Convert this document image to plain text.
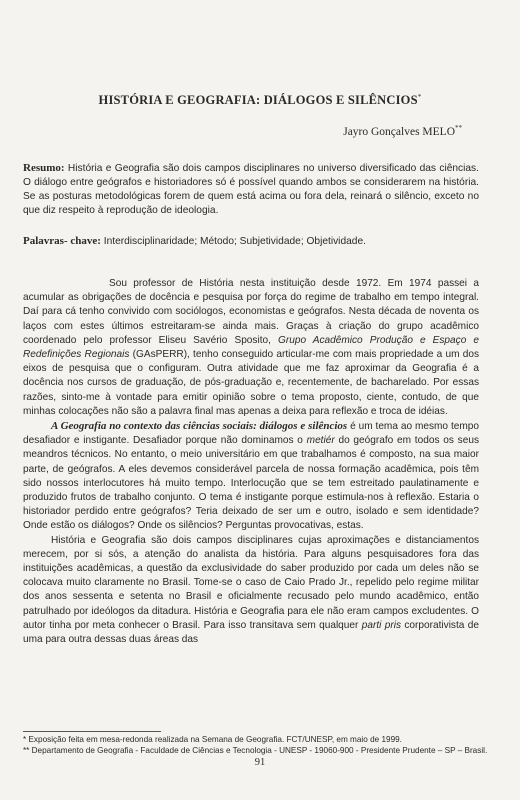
HISTÓRIA E GEOGRAFIA: DIÁLOGOS E SILÊNCIOS*
Jayro Gonçalves MELO**
Resumo: História e Geografia são dois campos disciplinares no universo diversificado das ciências. O diálogo entre geógrafos e historiadores só é possível quando ambos se considerarem na história. Se as posturas metodológicas forem de quem está acima ou fora dela, reinará o silêncio, exceto no que diz respeito à reprodução de ideologia.
Palavras- chave: Interdisciplinaridade; Método; Subjetividade; Objetividade.

Sou professor de História nesta instituição desde 1972. Em 1974 passei a acumular as obrigações de docência e pesquisa por força do regime de trabalho em tempo integral. Daí para cá tenho convivido com sociólogos, economistas e geógrafos. Nesta década de noventa os laços com estes últimos estreitaram-se ainda mais. Graças à criação do grupo acadêmico coordenado pelo professor Eliseu Savério Sposito, Grupo Acadêmico Produção e Espaço e Redefinições Regionais (GAsPERR), tenho conseguido articular-me com mais propriedade a um dos eixos de pesquisa que o configuram. Outra atividade que me faz aproximar da Geografia é a docência nos cursos de graduação, de pós-graduação e, recentemente, de bacharelado. Por essas razões, sinto-me à vontade para emitir opinião sobre o tema proposto, ciente, contudo, de que minhas colocações não são a palavra final mas apenas a deixa para reflexão e troca de idéias.

A Geografia no contexto das ciências sociais: diálogos e silêncios é um tema ao mesmo tempo desafiador e instigante. Desafiador porque não dominamos o metiér do geógrafo em todos os seus meandros técnicos. No entanto, o meio universitário em que trabalhamos é composto, na sua maior parte, de geógrafos. A eles devemos considerável parcela de nossa formação acadêmica, pois têm sido nossos interlocutores há muito tempo. Interlocução que se tem estreitado paulatinamente e produzido frutos de trabalho conjunto. O tema é instigante porque estimula-nos à reflexão. Estaria o historiador perdido entre geógrafos? Teria deixado de ser um e outro, isolado e sem identidade? Onde estão os diálogos? Onde os silêncios? Perguntas provocativas, estas.

História e Geografia são dois campos disciplinares cujas aproximações e distanciamentos merecem, por si sós, a atenção do analista da história. Para alguns pesquisadores fora das instituições acadêmicas, a questão da exclusividade do saber produzido por cada um deles não se colocava muito claramente no Brasil. Tome-se o caso de Caio Prado Jr., repelido pelo regime militar dos anos sessenta e setenta no Brasil e oficialmente recusado pelo mundo acadêmico, então patrulhado por ideólogos da ditadura. História e Geografia para ele não eram campos excludentes. O autor tinha por meta conhecer o Brasil. Para isso transitava sem qualquer parti pris corporativista de uma para outra dessas duas áreas das

* Exposição feita em mesa-redonda realizada na Semana de Geografia. FCT/UNESP, em maio de 1999.

** Departamento de Geografia - Faculdade de Ciências e Tecnologia - UNESP - 19060-900 - Presidente Prudente – SP – Brasil.

91
